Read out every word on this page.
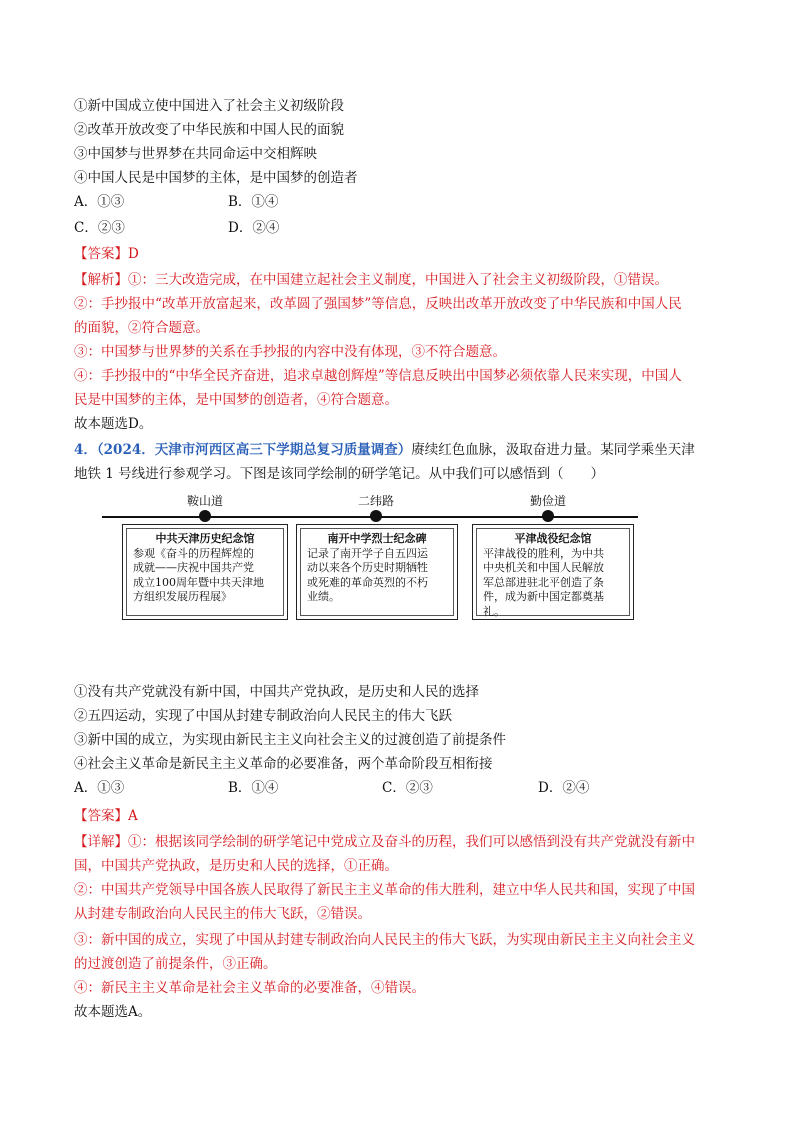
①新中国成立使中国进入了社会主义初级阶段
②改革开放改变了中华民族和中国人民的面貌
③中国梦与世界梦在共同命运中交相辉映
④中国人民是中国梦的主体，是中国梦的创造者
A．①③	B．①④
C．②③	D．②④
【答案】D
【解析】①：三大改造完成，在中国建立起社会主义制度，中国进入了社会主义初级阶段，①错误。
②：手抄报中“改革开放富起来，改革圆了强国梦”等信息，反映出改革开放改变了中华民族和中国人民
的面貌，②符合题意。
③：中国梦与世界梦的关系在手抄报的内容中没有体现，③不符合题意。
④：手抄报中的“中华全民齐奋进，追求卓越创辉煌”等信息反映出中国梦必须依靠人民来实现，中国人
民是中国梦的主体，是中国梦的创造者，④符合题意。
故本题选D。
4．（2024．天津市河西区高三下学期总复习质量调查）赓续红色血脉，汲取奋进力量。某同学乘坐天津
地铁 1 号线进行参观学习。下图是该同学绘制的研学笔记。从中我们可以感悟到（　　）
鞍山道	二纬路	勤俭道
中共天津历史纪念馆
参观《奋斗的历程辉煌的
成就——庆祝中国共产党
成立100周年暨中共天津地
方组织发展历程展》
南开中学烈士纪念碑
记录了南开学子自五四运
动以来各个历史时期牺牲
或死难的革命英烈的不朽
业绩。
平津战役纪念馆
平津战役的胜利，为中共
中央机关和中国人民解放
军总部进驻北平创造了条
件，成为新中国定都奠基
礼。
①没有共产党就没有新中国，中国共产党执政，是历史和人民的选择
②五四运动，实现了中国从封建专制政治向人民民主的伟大飞跃
③新中国的成立，为实现由新民主主义向社会主义的过渡创造了前提条件
④社会主义革命是新民主主义革命的必要准备，两个革命阶段互相衔接
A．①③	B．①④	C．②③	D．②④
【答案】A
【详解】①：根据该同学绘制的研学笔记中党成立及奋斗的历程，我们可以感悟到没有共产党就没有新中
国，中国共产党执政，是历史和人民的选择，①正确。
②：中国共产党领导中国各族人民取得了新民主主义革命的伟大胜利，建立中华人民共和国，实现了中国
从封建专制政治向人民民主的伟大飞跃，②错误。
③：新中国的成立，实现了中国从封建专制政治向人民民主的伟大飞跃，为实现由新民主主义向社会主义
的过渡创造了前提条件，③正确。
④：新民主主义革命是社会主义革命的必要准备，④错误。
故本题选A。
